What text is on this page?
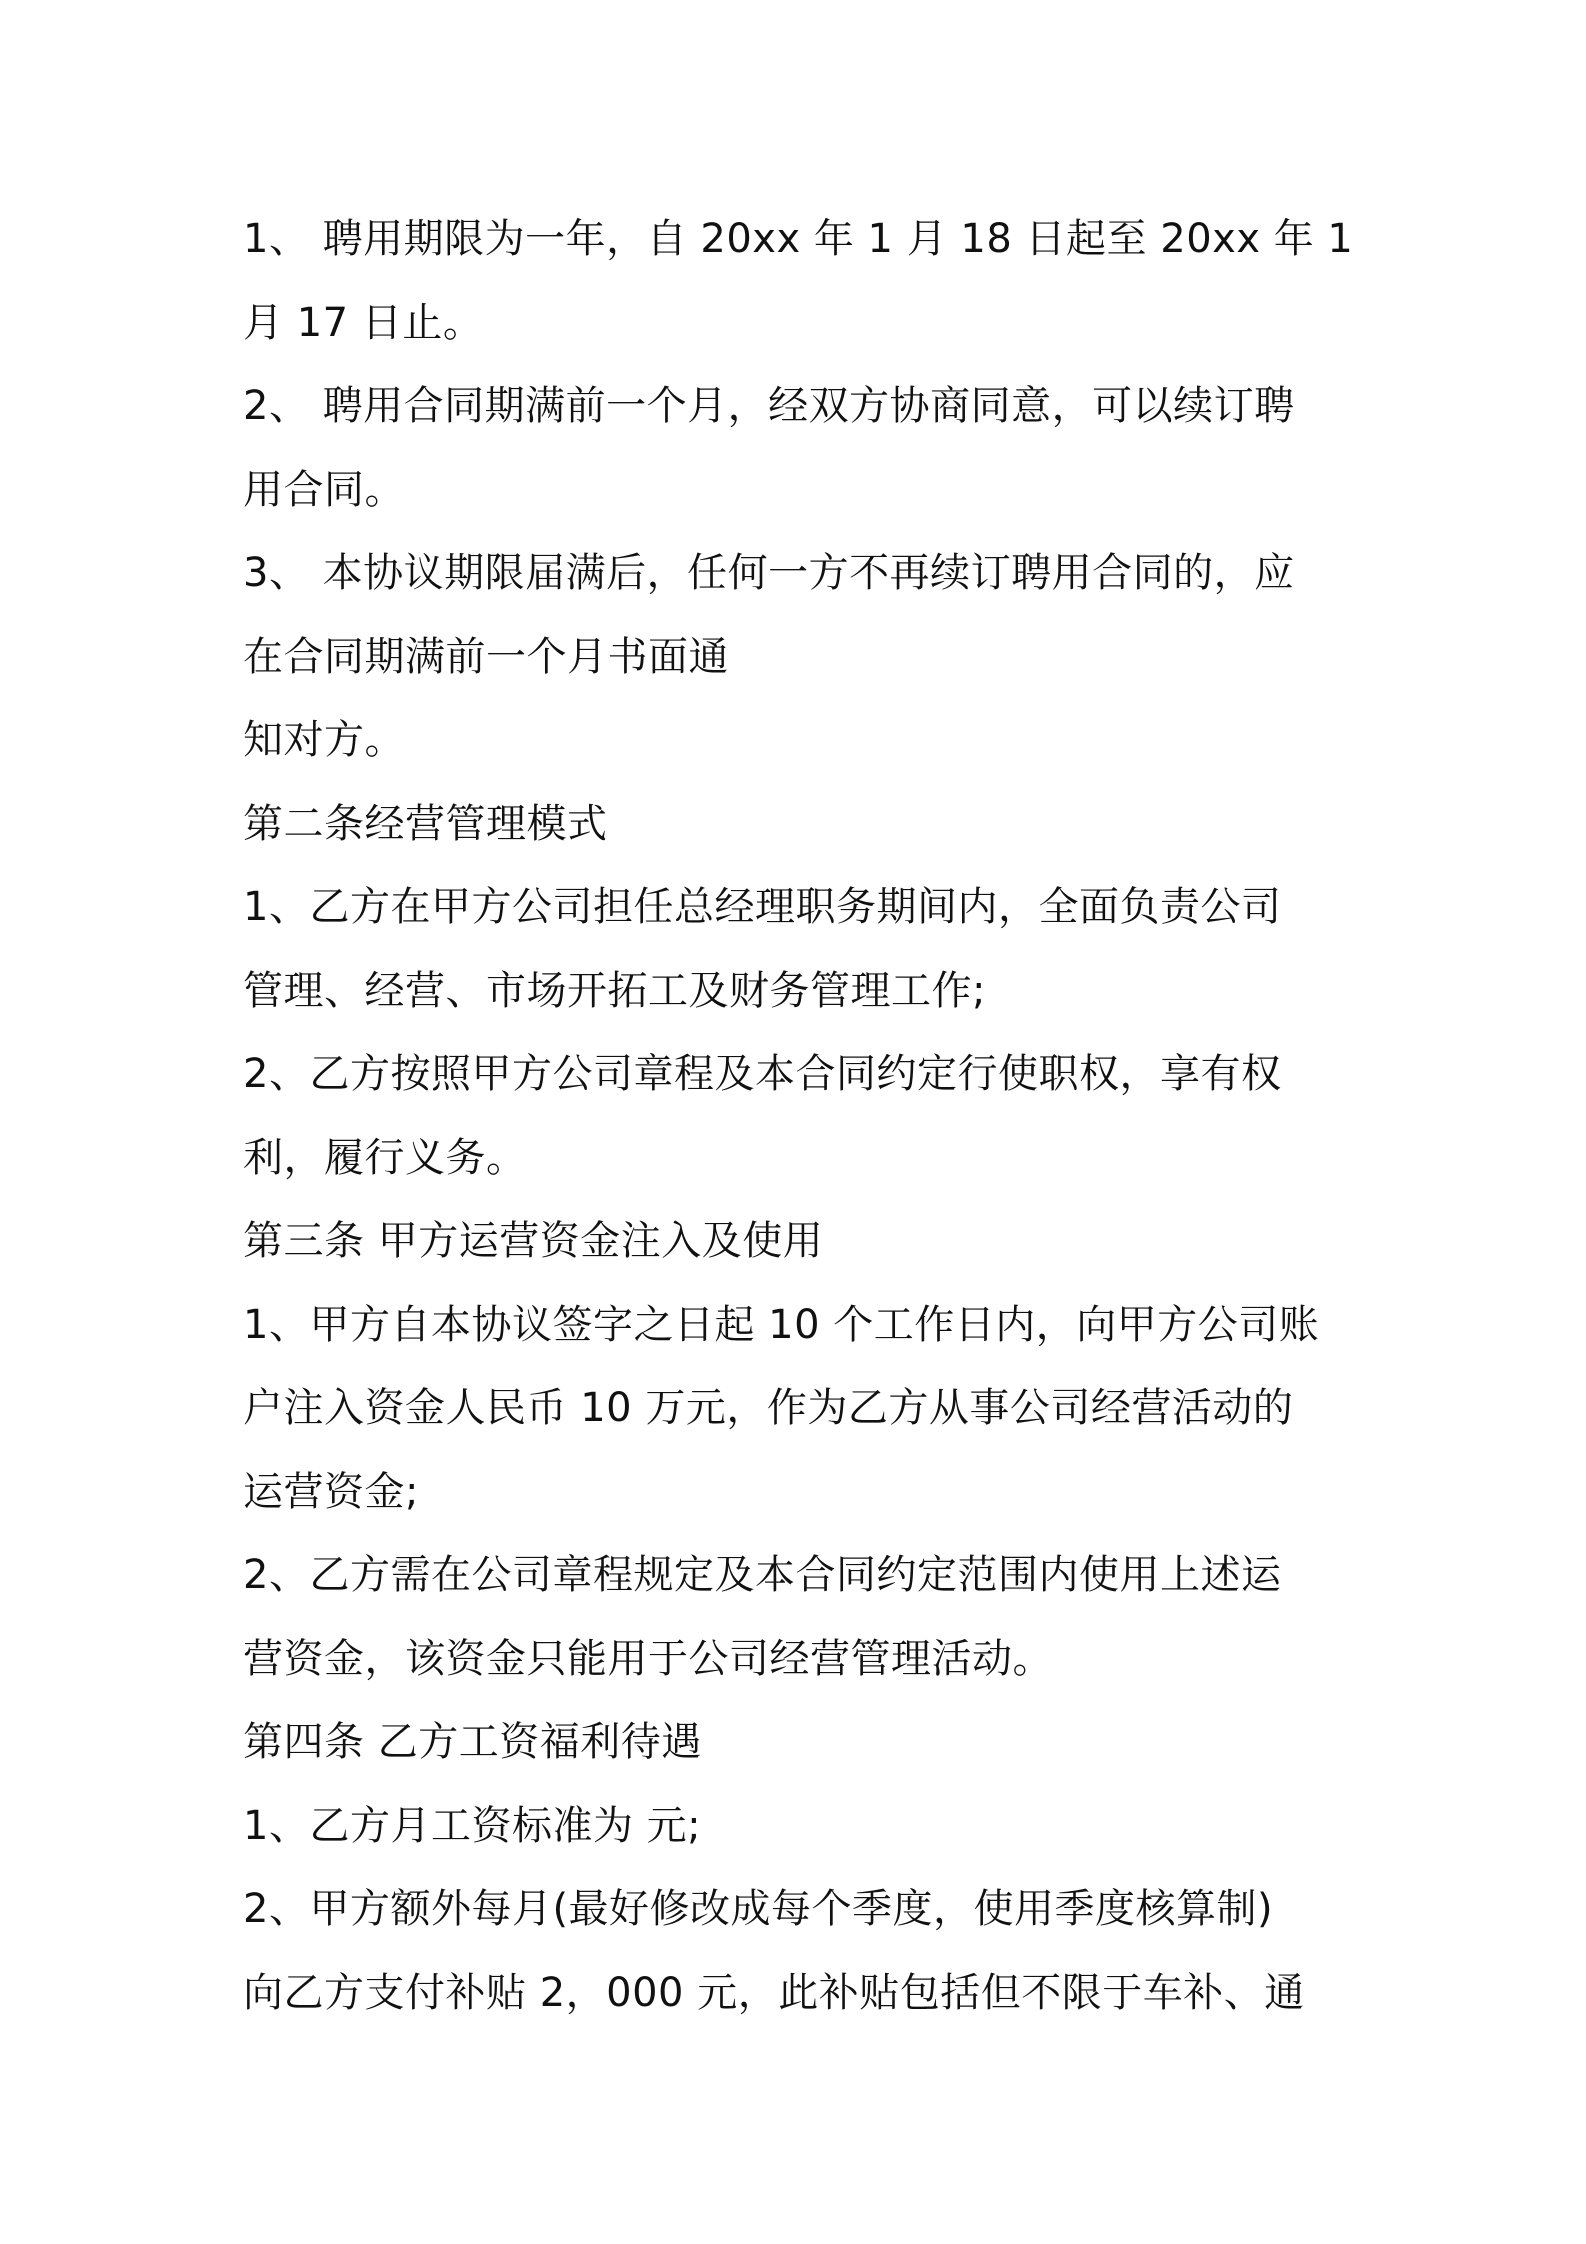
1、 聘用期限为一年，自 20xx 年 1 月 18 日起至 20xx 年 1
月 17 日止。
2、 聘用合同期满前一个月，经双方协商同意，可以续订聘
用合同。
3、 本协议期限届满后，任何一方不再续订聘用合同的，应
在合同期满前一个月书面通
知对方。
第二条经营管理模式
1、乙方在甲方公司担任总经理职务期间内，全面负责公司
管理、经营、市场开拓工及财务管理工作;
2、乙方按照甲方公司章程及本合同约定行使职权，享有权
利，履行义务。
第三条 甲方运营资金注入及使用
1、甲方自本协议签字之日起 10 个工作日内，向甲方公司账
户注入资金人民币 10 万元，作为乙方从事公司经营活动的
运营资金;
2、乙方需在公司章程规定及本合同约定范围内使用上述运
营资金，该资金只能用于公司经营管理活动。
第四条 乙方工资福利待遇
1、乙方月工资标准为 元;
2、甲方额外每月(最好修改成每个季度，使用季度核算制)
向乙方支付补贴 2，000 元，此补贴包括但不限于车补、通
